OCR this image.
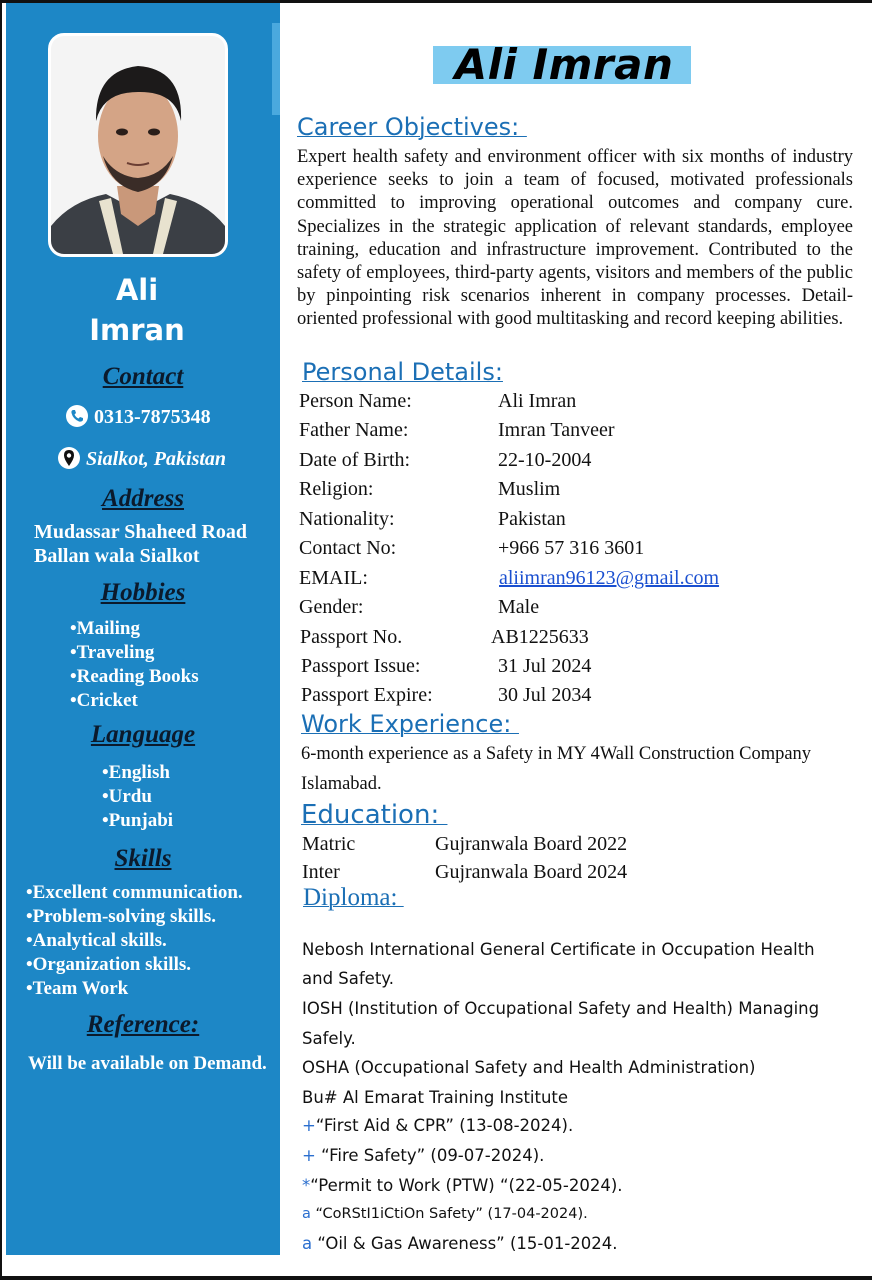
Ali
Imran
Contact
0313-7875348
Sialkot, Pakistan
Address
Mudassar Shaheed Road
Ballan wala Sialkot
Hobbies
• Mailing
• Traveling
• Reading Books
• Cricket
Language
• English
• Urdu
• Punjabi
Skills
• Excellent communication.
• Problem-solving skills.
• Analytical skills.
• Organization skills.
• Team Work
Reference:
Will be available on Demand.
Ali Imran
Career Objectives:
Expert health safety and environment officer with six months of industry experience seeks to join a team of focused, motivated professionals committed to improving operational outcomes and company cure. Specializes in the strategic application of relevant standards, employee training, education and infrastructure improvement. Contributed to the safety of employees, third-party agents, visitors and members of the public by pinpointing risk scenarios inherent in company processes. Detail-oriented professional with good multitasking and record keeping abilities.
Personal Details:
Person Name:	Ali Imran
Father Name:	Imran Tanveer
Date of Birth:	22-10-2004
Religion:	Muslim
Nationality:	Pakistan
Contact No:	+966 57 316 3601
EMAIL:	aliimran96123@gmail.com
Gender:	Male
Passport No.	AB1225633
Passport Issue:	31 Jul 2024
Passport Expire:	30 Jul 2034
Work Experience:
6-month experience as a Safety in MY 4Wall Construction Company
Islamabad.
Education:
Matric	Gujranwala Board 2022
Inter	Gujranwala Board 2024
Diploma:
Nebosh International General Certificate in Occupation Health
and Safety.
IOSH (Institution of Occupational Safety and Health) Managing
Safely.
OSHA (Occupational Safety and Health Administration)
Bu# Al Emarat Training Institute
+“First Aid & CPR” (13-08-2024).
+ “Fire Safety” (09-07-2024).
*“Permit to Work (PTW) “(22-05-2024).
a “CoRStI1iCtiOn Safety” (17-04-2024).
a “Oil & Gas Awareness” (15-01-2024.
